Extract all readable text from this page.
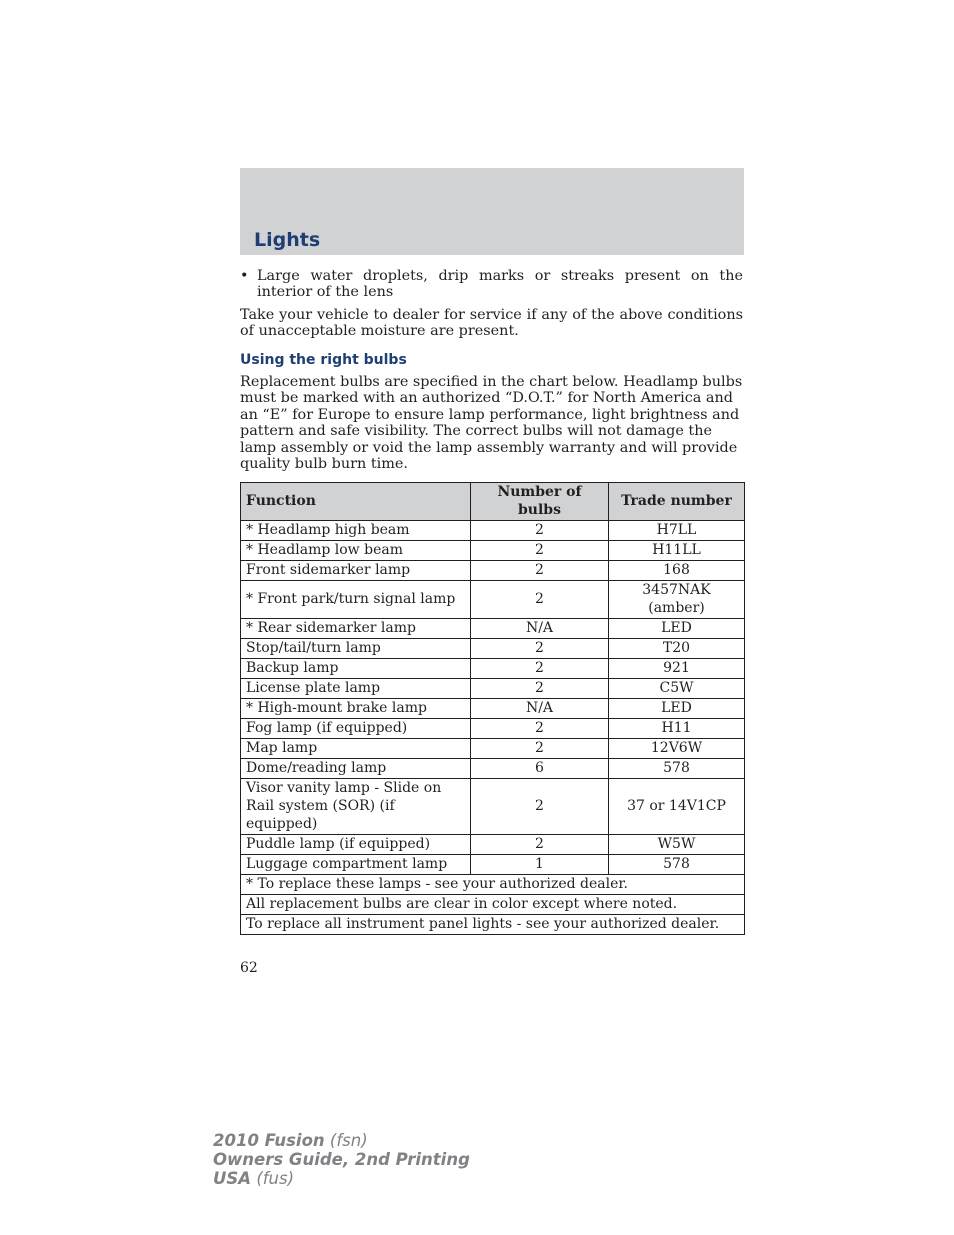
Lights
• Large water droplets, drip marks or streaks present on the interior of the lens

Take your vehicle to dealer for service if any of the above conditions of unacceptable moisture are present.

Using the right bulbs

Replacement bulbs are specified in the chart below. Headlamp bulbs must be marked with an authorized “D.O.T.” for North America and an “E” for Europe to ensure lamp performance, light brightness and pattern and safe visibility. The correct bulbs will not damage the lamp assembly or void the lamp assembly warranty and will provide quality bulb burn time.

Function	Number of bulbs	Trade number
* Headlamp high beam	2	H7LL
* Headlamp low beam	2	H11LL
Front sidemarker lamp	2	168
* Front park/turn signal lamp	2	3457NAK (amber)
* Rear sidemarker lamp	N/A	LED
Stop/tail/turn lamp	2	T20
Backup lamp	2	921
License plate lamp	2	C5W
* High-mount brake lamp	N/A	LED
Fog lamp (if equipped)	2	H11
Map lamp	2	12V6W
Dome/reading lamp	6	578
Visor vanity lamp - Slide on Rail system (SOR) (if equipped)	2	37 or 14V1CP
Puddle lamp (if equipped)	2	W5W
Luggage compartment lamp	1	578
* To replace these lamps - see your authorized dealer.		
All replacement bulbs are clear in color except where noted.		
To replace all instrument panel lights - see your authorized dealer.		
62
2010 Fusion (fsn)
Owners Guide, 2nd Printing
USA (fus)
